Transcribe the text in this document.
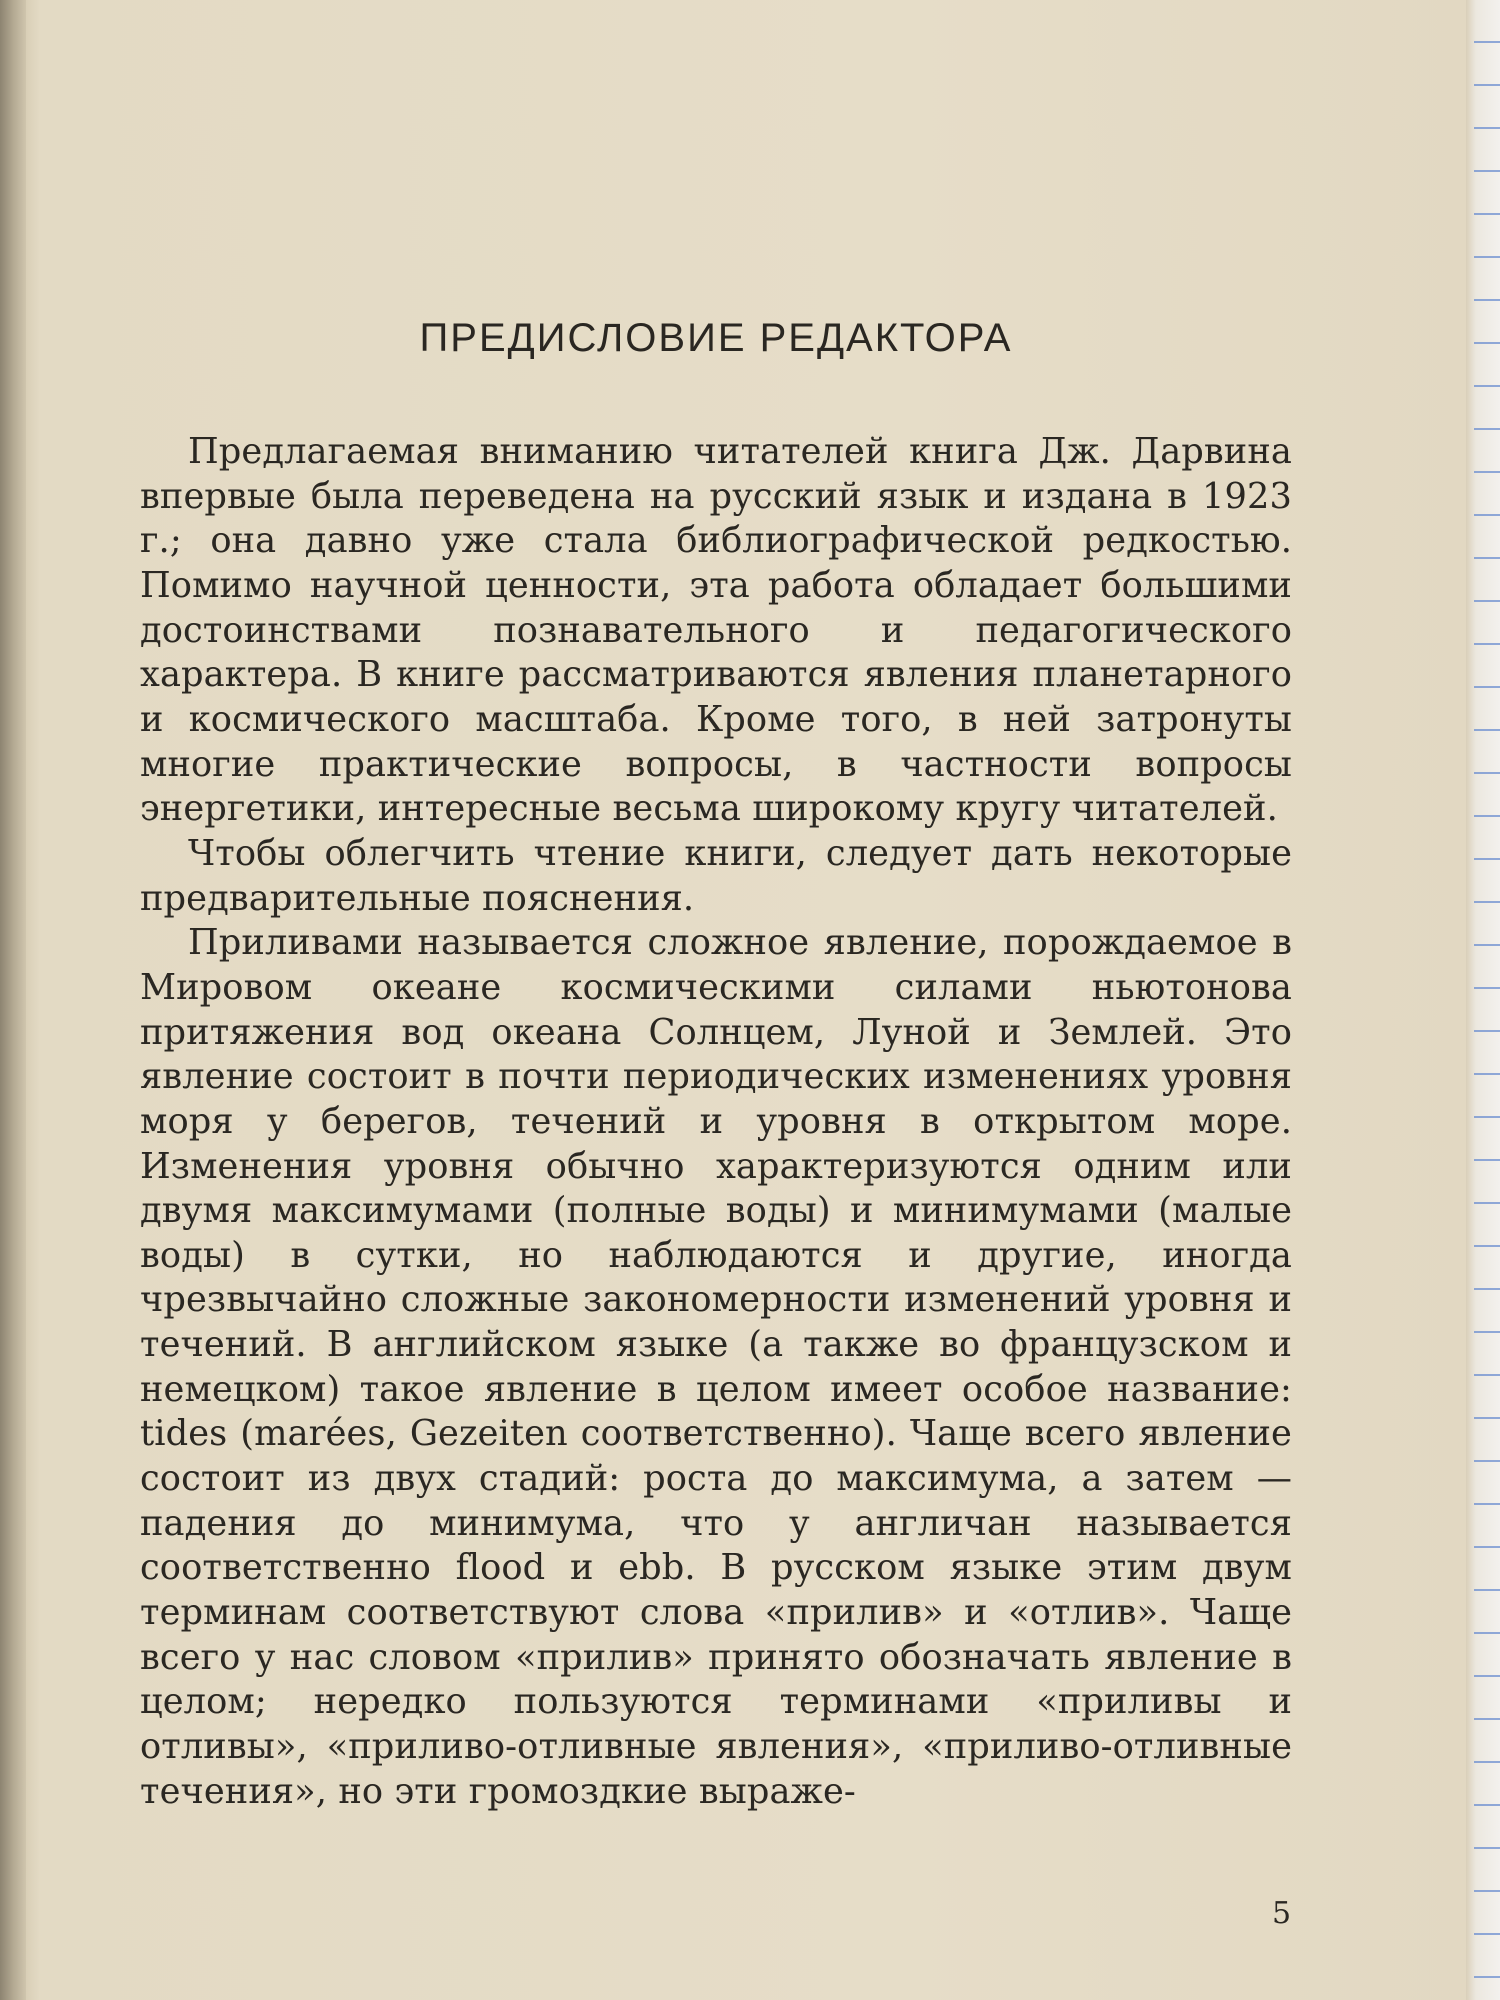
ПРЕДИСЛОВИЕ РЕДАКТОРА

Предлагаемая вниманию читателей книга Дж. Дарвина впервые была переведена на русский язык и издана в 1923 г.; она давно уже стала библиографической редкостью. Помимо научной ценности, эта работа обладает большими достоинствами познавательного и педагогического характера. В книге рассматриваются явления планетарного и космического масштаба. Кроме того, в ней затронуты многие практические вопросы, в частности вопросы энергетики, интересные весьма широкому кругу читателей.

Чтобы облегчить чтение книги, следует дать некоторые предварительные пояснения.

Приливами называется сложное явление, порождаемое в Мировом океане космическими силами ньютонова притяжения вод океана Солнцем, Луной и Землей. Это явление состоит в почти периодических изменениях уровня моря у берегов, течений и уровня в открытом море. Изменения уровня обычно характеризуются одним или двумя максимумами (полные воды) и минимумами (малые воды) в сутки, но наблюдаются и другие, иногда чрезвычайно сложные закономерности изменений уровня и течений. В английском языке (а также во французском и немецком) такое явление в целом имеет особое название: tides (marées, Gezeiten соответственно). Чаще всего явление состоит из двух стадий: роста до максимума, а затем — падения до минимума, что у англичан называется соответственно flood и ebb. В русском языке этим двум терминам соответствуют слова «прилив» и «отлив». Чаще всего у нас словом «прилив» принято обозначать явление в целом; нередко пользуются терминами «приливы и отливы», «приливо-отливные явления», «приливо-отливные течения», но эти громоздкие выраже-

5
